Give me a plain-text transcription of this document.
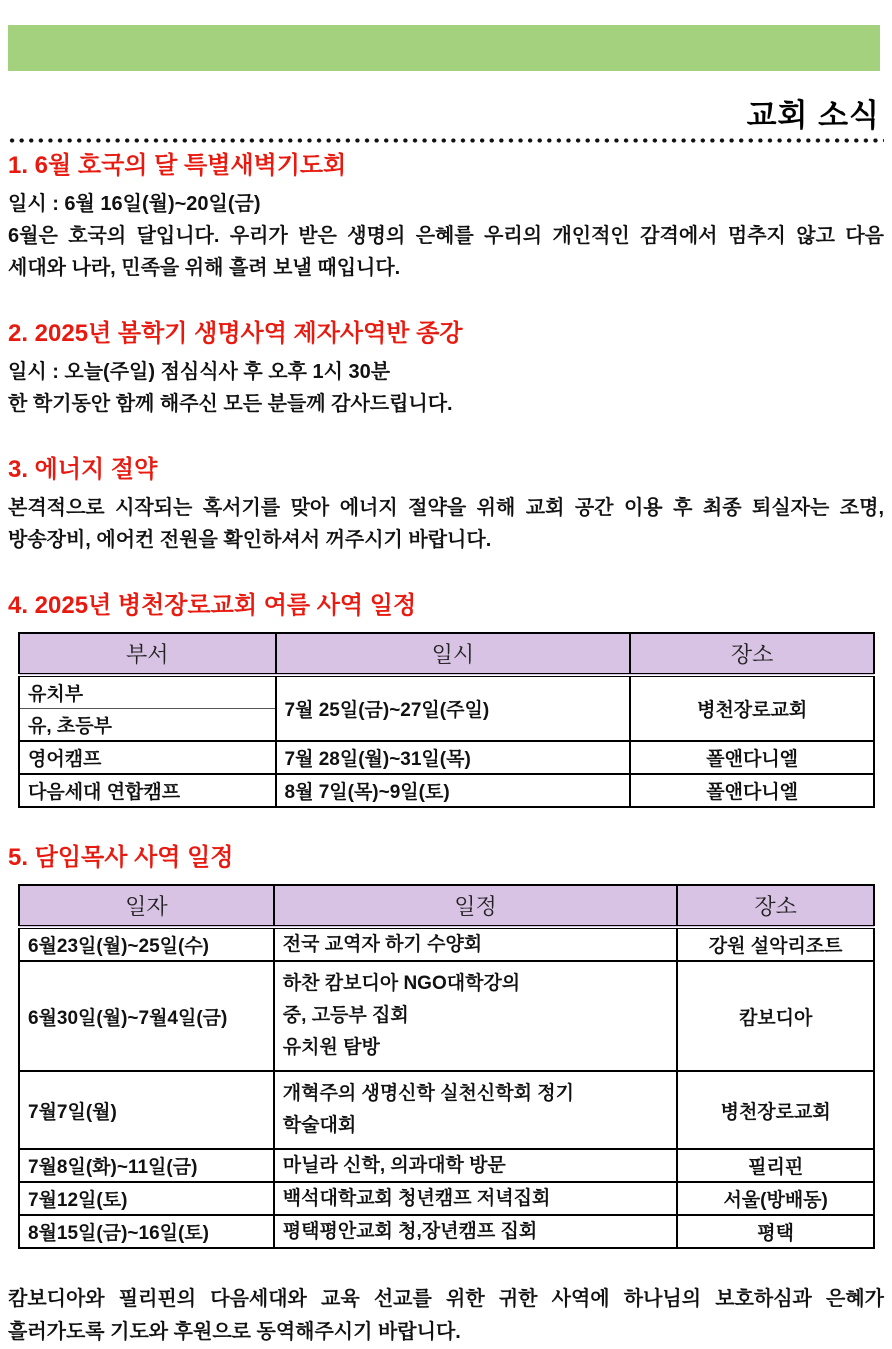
교회 소식
1. 6월 호국의 달 특별새벽기도회

일시 : 6월 16일(월)~20일(금)

6월은 호국의 달입니다. 우리가 받은 생명의 은혜를 우리의 개인적인 감격에서 멈추지 않고 다음 세대와 나라, 민족을 위해 흘려 보낼 때입니다.

2. 2025년 봄학기 생명사역 제자사역반 종강

일시 : 오늘(주일) 점심식사 후 오후 1시 30분

한 학기동안 함께 해주신 모든 분들께 감사드립니다.

3. 에너지 절약

본격적으로 시작되는 혹서기를 맞아 에너지 절약을 위해 교회 공간 이용 후 최종 퇴실자는 조명, 방송장비, 에어컨 전원을 확인하셔서 꺼주시기 바랍니다.

4. 2025년 병천장로교회 여름 사역 일정
부서	일시	장소
유치부	7월 25일(금)~27일(주일)	병천장로교회
유, 초등부		
영어캠프	7월 28일(월)~31일(목)	폴앤다니엘
다음세대 연합캠프	8월 7일(목)~9일(토)	폴앤다니엘
5. 담임목사 사역 일정
일자	일정	장소
6월23일(월)~25일(수)	전국 교역자 하기 수양회	강원 설악리조트
6월30일(월)~7월4일(금)	하찬 캄보디아 NGO대학강의
중, 고등부 집회
유치원 탐방	캄보디아
7월7일(월)	개혁주의 생명신학 실천신학회 정기
학술대회	병천장로교회
7월8일(화)~11일(금)	마닐라 신학, 의과대학 방문	필리핀
7월12일(토)	백석대학교회 청년캠프 저녁집회	서울(방배동)
8월15일(금)~16일(토)	평택평안교회 청,장년캠프 집회	평택

캄보디아와 필리핀의 다음세대와 교육 선교를 위한 귀한 사역에 하나님의 보호하심과 은혜가 흘러가도록 기도와 후원으로 동역해주시기 바랍니다.
